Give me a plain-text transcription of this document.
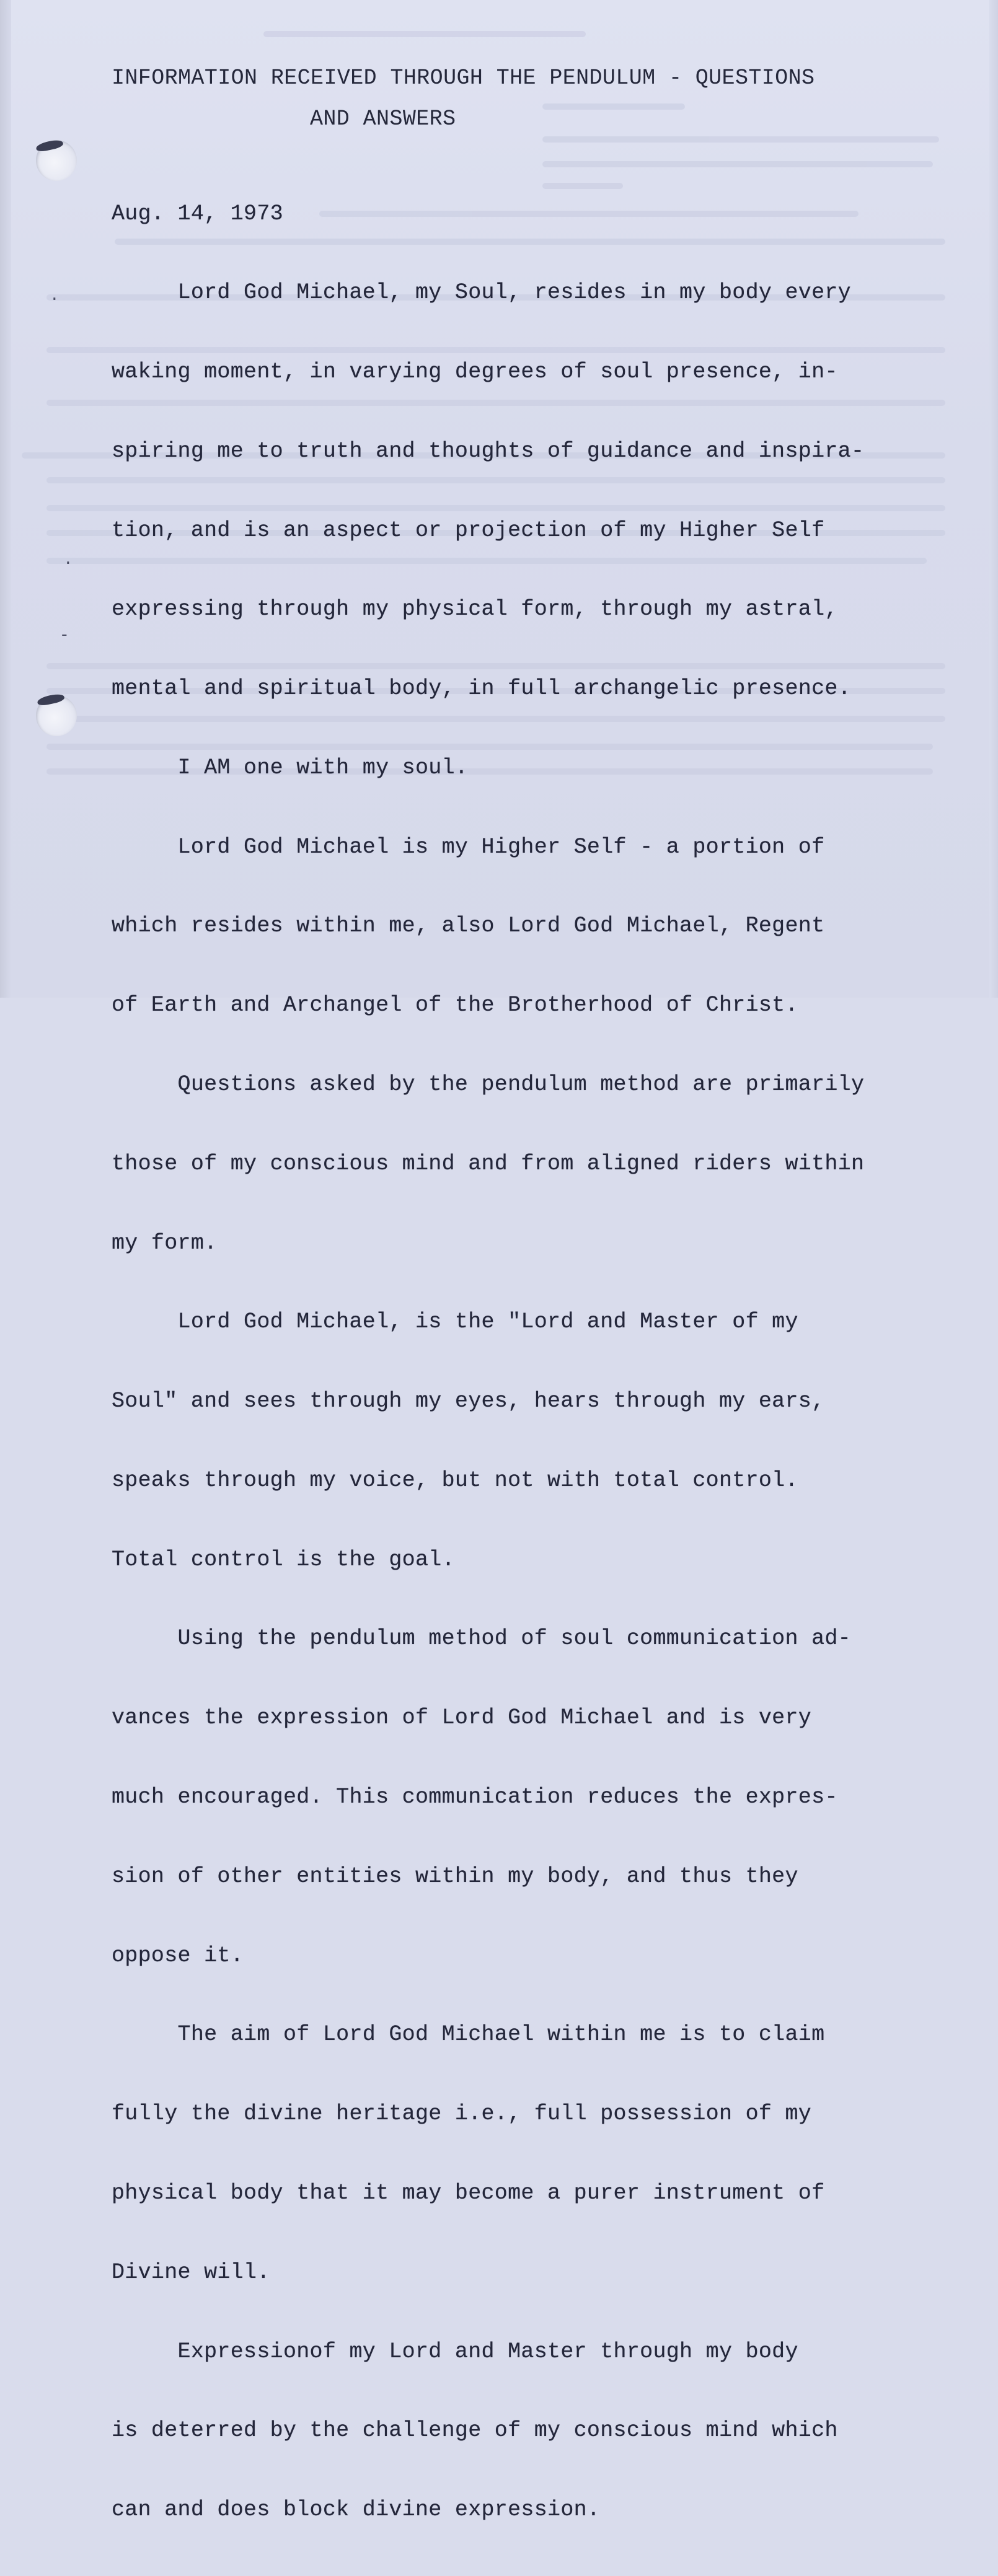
.
.
-
INFORMATION RECEIVED THROUGH THE PENDULUM - QUESTIONS
AND ANSWERS
Aug. 14, 1973

Lord God Michael, my Soul, resides in my body every

waking moment, in varying degrees of soul presence, in-

spiring me to truth and thoughts of guidance and inspira-

tion, and is an aspect or projection of my Higher Self

expressing through my physical form, through my astral,

mental and spiritual body, in full archangelic presence.

I AM one with my soul.

Lord God Michael is my Higher Self - a portion of

which resides within me, also Lord God Michael, Regent

of Earth and Archangel of the Brotherhood of Christ.

Questions asked by the pendulum method are primarily

those of my conscious mind and from aligned riders within

my form.

Lord God Michael, is the "Lord and Master of my

Soul" and sees through my eyes, hears through my ears,

speaks through my voice, but not with total control.

Total control is the goal.

Using the pendulum method of soul communication ad-

vances the expression of Lord God Michael and is very

much encouraged. This communication reduces the expres-

sion of other entities within my body, and thus they

oppose it.

The aim of Lord God Michael within me is to claim

fully the divine heritage i.e., full possession of my

physical body that it may become a purer instrument of

Divine will.

Expressionof my Lord and Master through my body

is deterred by the challenge of my conscious mind which

can and does block divine expression.
